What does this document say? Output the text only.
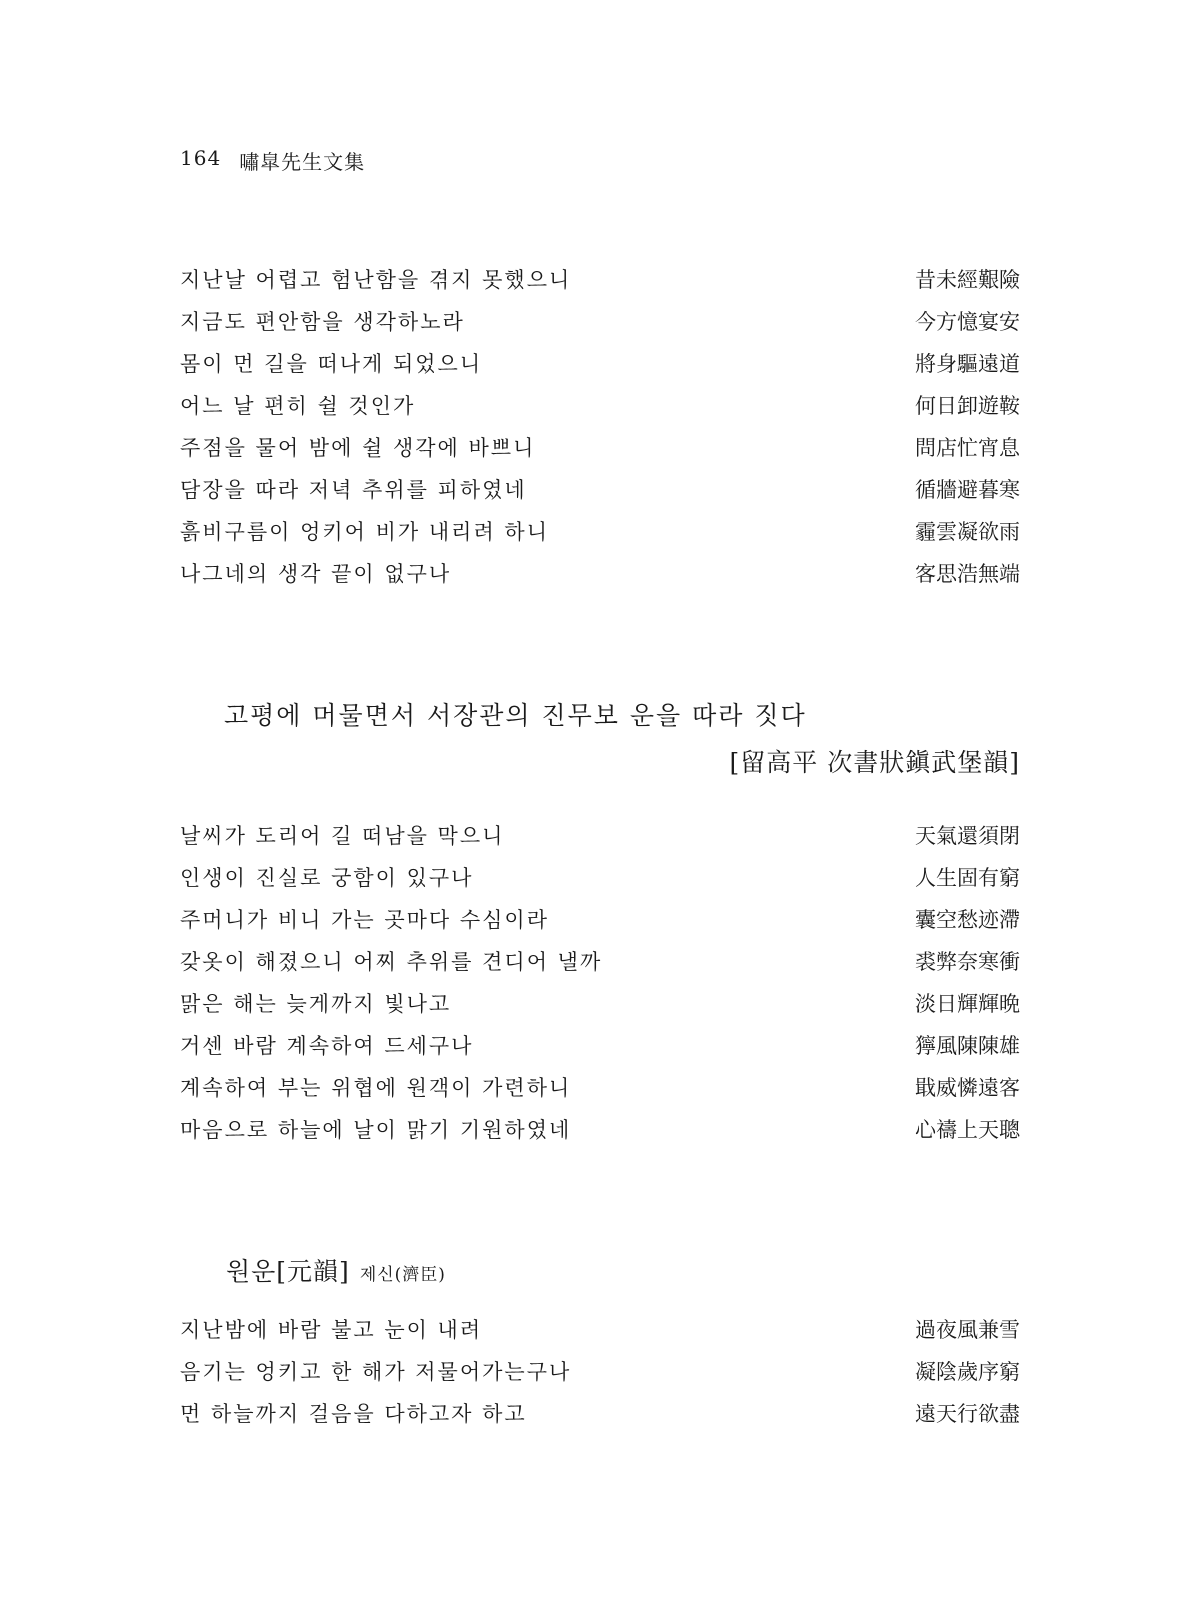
164 嘯皐先生文集
지난날 어렵고 험난함을 겪지 못했으니	昔未經艱險
지금도 편안함을 생각하노라	今方憶宴安
몸이 먼 길을 떠나게 되었으니	將身驅遠道
어느 날 편히 쉴 것인가	何日卸遊鞍
주점을 물어 밤에 쉴 생각에 바쁘니	問店忙宵息
담장을 따라 저녁 추위를 피하였네	循牆避暮寒
흙비구름이 엉키어 비가 내리려 하니	霾雲凝欲雨
나그네의 생각 끝이 없구나	客思浩無端
고평에 머물면서 서장관의 진무보 운을 따라 짓다
[留高平 次書狀鎭武堡韻]
날씨가 도리어 길 떠남을 막으니	天氣還須閉
인생이 진실로 궁함이 있구나	人生固有窮
주머니가 비니 가는 곳마다 수심이라	囊空愁迹滯
갖옷이 해졌으니 어찌 추위를 견디어 낼까	裘弊奈寒衝
맑은 해는 늦게까지 빛나고	淡日輝輝晩
거센 바람 계속하여 드세구나	獰風陳陳雄
계속하여 부는 위협에 원객이 가련하니	戢威憐遠客
마음으로 하늘에 날이 맑기 기원하였네	心禱上天聰
원운[元韻] 제신(濟臣)
지난밤에 바람 불고 눈이 내려	過夜風兼雪
음기는 엉키고 한 해가 저물어가는구나	凝陰歲序窮
먼 하늘까지 걸음을 다하고자 하고	遠天行欲盡
